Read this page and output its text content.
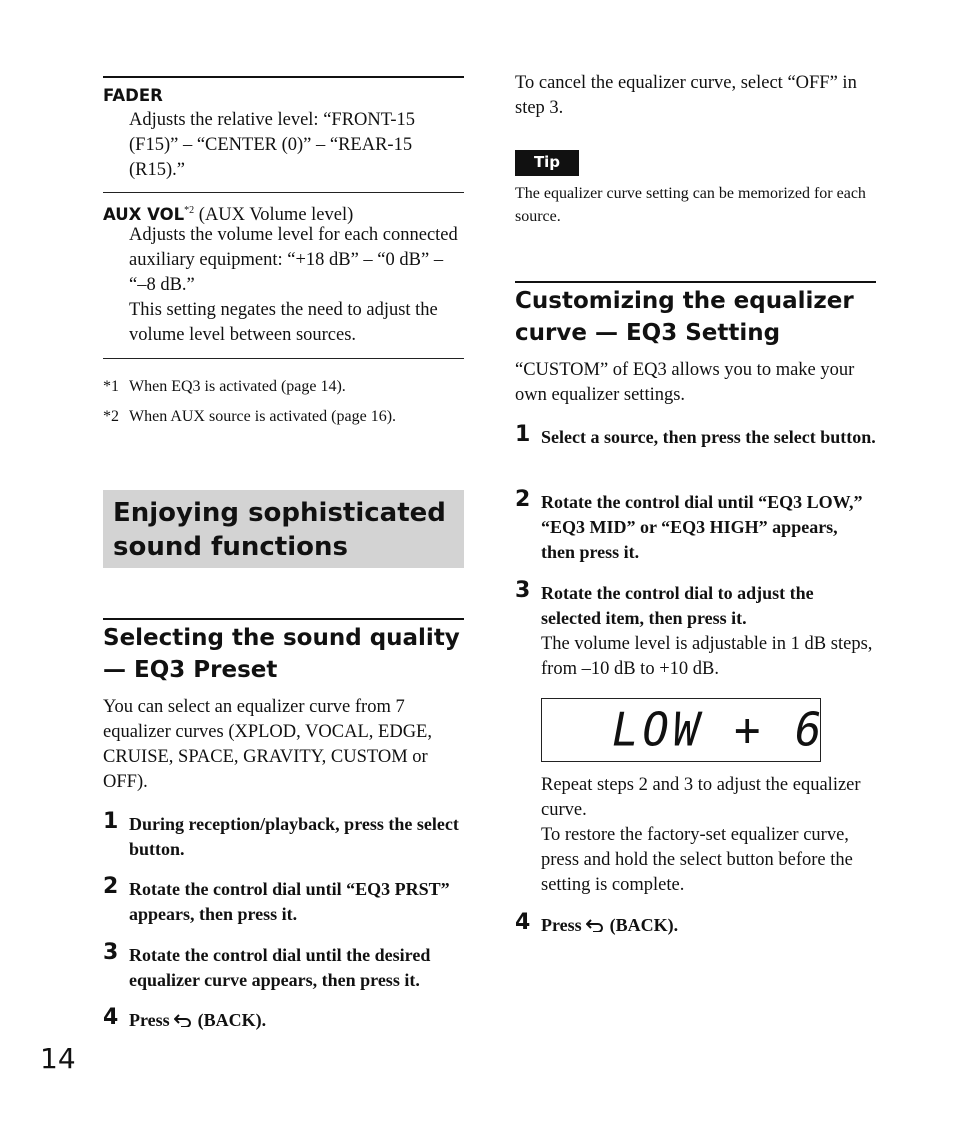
FADER
Adjusts the relative level: “FRONT-15 (F15)” – “CENTER (0)” – “REAR-15 (R15).”
AUX VOL$^{*2}$ (AUX Volume level)
Adjusts the volume level for each connected auxiliary equipment: “+18 dB” – “0 dB” – “–8 dB.”
This setting negates the need to adjust the volume level between sources.
*1 When EQ3 is activated (page 14).
*2 When AUX source is activated (page 16).
Enjoying sophisticated sound functions
Selecting the sound quality — EQ3 Preset
You can select an equalizer curve from 7 equalizer curves (XPLOD, VOCAL, EDGE, CRUISE, SPACE, GRAVITY, CUSTOM or OFF).
1 During reception/playback, press the select button.
2 Rotate the control dial until “EQ3 PRST” appears, then press it.
3 Rotate the control dial until the desired equalizer curve appears, then press it.
4 Press (BACK).
14
To cancel the equalizer curve, select “OFF” in step 3.
Tip
The equalizer curve setting can be memorized for each source.
Customizing the equalizer curve — EQ3 Setting
“CUSTOM” of EQ3 allows you to make your own equalizer settings.
1 Select a source, then press the select button.
2 Rotate the control dial until “EQ3 LOW,” “EQ3 MID” or “EQ3 HIGH” appears, then press it.
3 Rotate the control dial to adjust the selected item, then press it.
The volume level is adjustable in 1 dB steps, from –10 dB to +10 dB.
LOW + 6
Repeat steps 2 and 3 to adjust the equalizer curve.
To restore the factory-set equalizer curve, press and hold the select button before the setting is complete.
4 Press (BACK).
